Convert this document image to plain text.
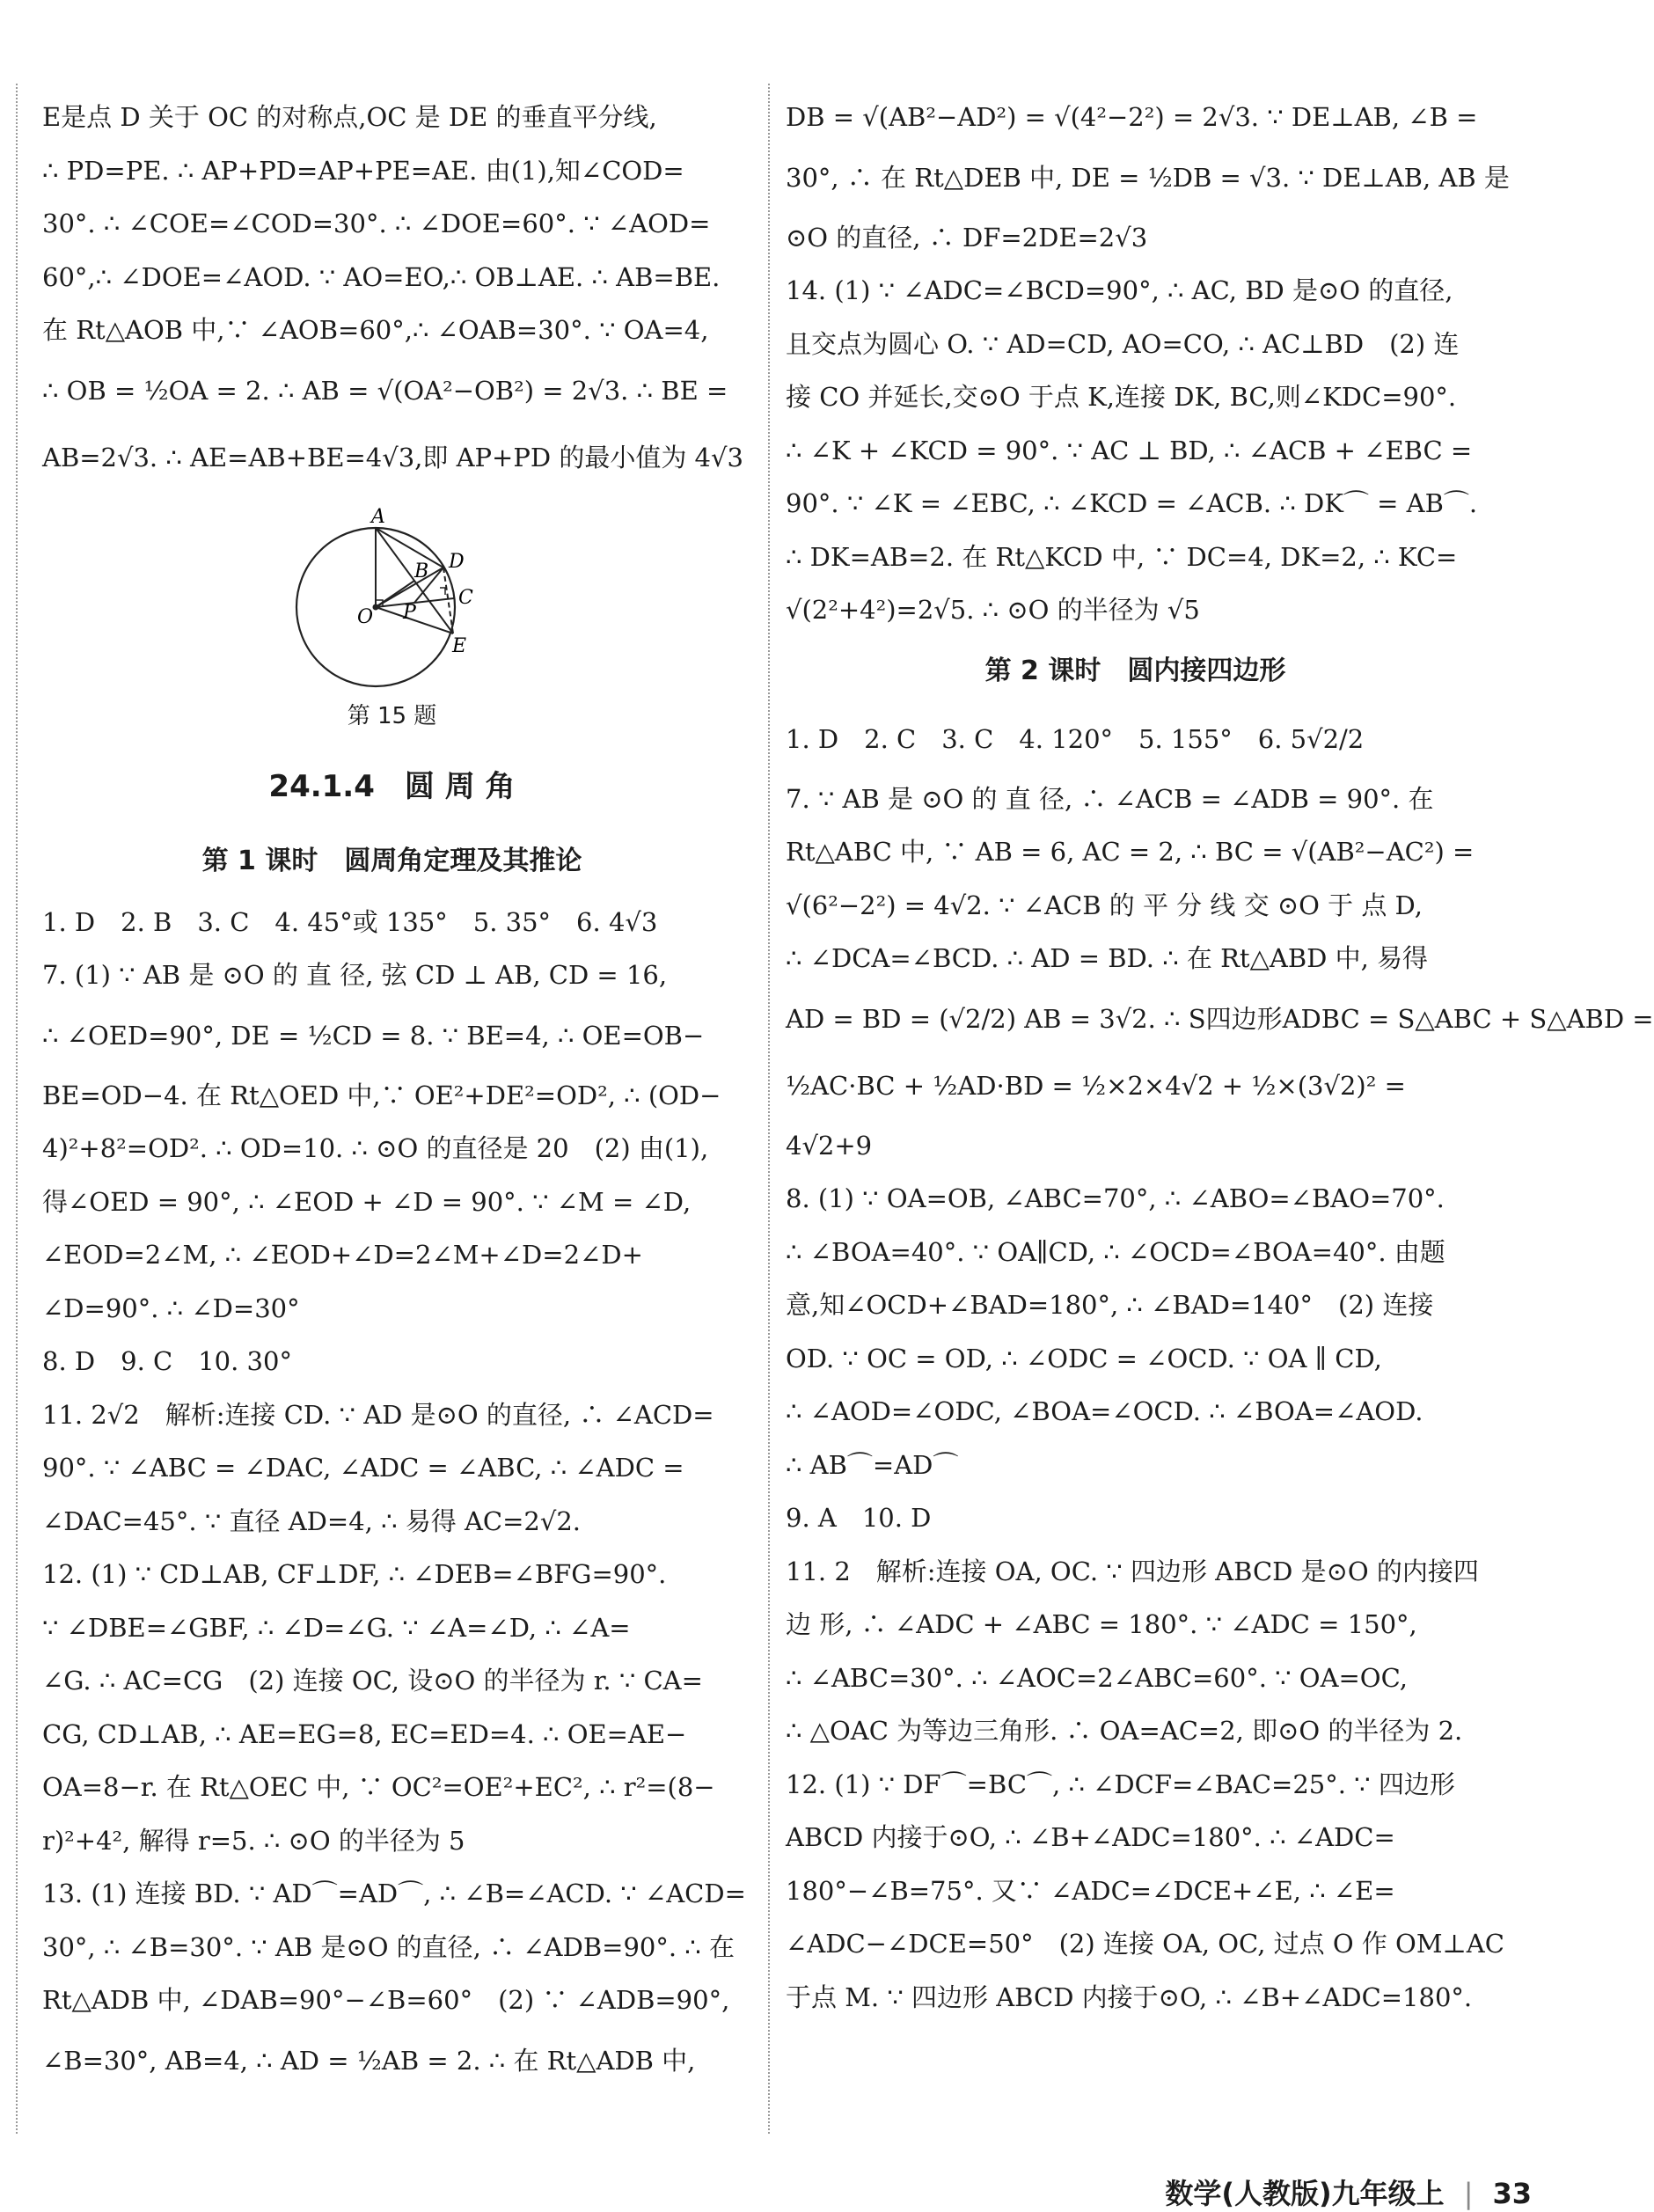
E是点 D 关于 OC 的对称点,OC 是 DE 的垂直平分线,
∴ PD=PE. ∴ AP+PD=AP+PE=AE. 由(1),知∠COD=
30°. ∴ ∠COE=∠COD=30°. ∴ ∠DOE=60°. ∵ ∠AOD=
60°,∴ ∠DOE=∠AOD. ∵ AO=EO,∴ OB⊥AE. ∴ AB=BE.
在 Rt△AOB 中,∵ ∠AOB=60°,∴ ∠OAB=30°. ∵ OA=4,
∴ OB = ½OA = 2. ∴ AB = √(OA²−OB²) = 2√3. ∴ BE =
AB=2√3. ∴ AE=AB+BE=4√3,即 AP+PD 的最小值为 4√3
A
B D
C
O P
E
第 15 题
24.1.4　圆 周 角
第 1 课时　圆周角定理及其推论
1. D　2. B　3. C　4. 45°或 135°　5. 35°　6. 4√3
7. (1) ∵ AB 是 ⊙O 的 直 径, 弦 CD ⊥ AB, CD = 16,
∴ ∠OED=90°, DE = ½CD = 8. ∵ BE=4, ∴ OE=OB−
BE=OD−4. 在 Rt△OED 中,∵ OE²+DE²=OD², ∴ (OD−
4)²+8²=OD². ∴ OD=10. ∴ ⊙O 的直径是 20　(2) 由(1),
得∠OED = 90°, ∴ ∠EOD + ∠D = 90°. ∵ ∠M = ∠D,
∠EOD=2∠M, ∴ ∠EOD+∠D=2∠M+∠D=2∠D+
∠D=90°. ∴ ∠D=30°
8. D　9. C　10. 30°
11. 2√2　解析:连接 CD. ∵ AD 是⊙O 的直径, ∴ ∠ACD=
90°. ∵ ∠ABC = ∠DAC, ∠ADC = ∠ABC, ∴ ∠ADC =
∠DAC=45°. ∵ 直径 AD=4, ∴ 易得 AC=2√2.
12. (1) ∵ CD⊥AB, CF⊥DF, ∴ ∠DEB=∠BFG=90°.
∵ ∠DBE=∠GBF, ∴ ∠D=∠G. ∵ ∠A=∠D, ∴ ∠A=
∠G. ∴ AC=CG　(2) 连接 OC, 设⊙O 的半径为 r. ∵ CA=
CG, CD⊥AB, ∴ AE=EG=8, EC=ED=4. ∴ OE=AE−
OA=8−r. 在 Rt△OEC 中, ∵ OC²=OE²+EC², ∴ r²=(8−
r)²+4², 解得 r=5. ∴ ⊙O 的半径为 5
13. (1) 连接 BD. ∵ AD⌒=AD⌒, ∴ ∠B=∠ACD. ∵ ∠ACD=
30°, ∴ ∠B=30°. ∵ AB 是⊙O 的直径, ∴ ∠ADB=90°. ∴ 在
Rt△ADB 中, ∠DAB=90°−∠B=60°　(2) ∵ ∠ADB=90°,
∠B=30°, AB=4, ∴ AD = ½AB = 2. ∴ 在 Rt△ADB 中,
DB = √(AB²−AD²) = √(4²−2²) = 2√3. ∵ DE⊥AB, ∠B =
30°, ∴ 在 Rt△DEB 中, DE = ½DB = √3. ∵ DE⊥AB, AB 是
⊙O 的直径, ∴ DF=2DE=2√3
14. (1) ∵ ∠ADC=∠BCD=90°, ∴ AC, BD 是⊙O 的直径,
且交点为圆心 O. ∵ AD=CD, AO=CO, ∴ AC⊥BD　(2) 连
接 CO 并延长,交⊙O 于点 K,连接 DK, BC,则∠KDC=90°.
∴ ∠K + ∠KCD = 90°. ∵ AC ⊥ BD, ∴ ∠ACB + ∠EBC =
90°. ∵ ∠K = ∠EBC, ∴ ∠KCD = ∠ACB. ∴ DK⌒ = AB⌒.
∴ DK=AB=2. 在 Rt△KCD 中, ∵ DC=4, DK=2, ∴ KC=
√(2²+4²)=2√5. ∴ ⊙O 的半径为 √5
第 2 课时　圆内接四边形
1. D　2. C　3. C　4. 120°　5. 155°　6. 5√2/2
7. ∵ AB 是 ⊙O 的 直 径, ∴ ∠ACB = ∠ADB = 90°. 在
Rt△ABC 中, ∵ AB = 6, AC = 2, ∴ BC = √(AB²−AC²) =
√(6²−2²) = 4√2. ∵ ∠ACB 的 平 分 线 交 ⊙O 于 点 D,
∴ ∠DCA=∠BCD. ∴ AD = BD. ∴ 在 Rt△ABD 中, 易得
AD = BD = (√2/2) AB = 3√2. ∴ S四边形ADBC = S△ABC + S△ABD =
½AC·BC + ½AD·BD = ½×2×4√2 + ½×(3√2)² =
4√2+9
8. (1) ∵ OA=OB, ∠ABC=70°, ∴ ∠ABO=∠BAO=70°.
∴ ∠BOA=40°. ∵ OA∥CD, ∴ ∠OCD=∠BOA=40°. 由题
意,知∠OCD+∠BAD=180°, ∴ ∠BAD=140°　(2) 连接
OD. ∵ OC = OD, ∴ ∠ODC = ∠OCD. ∵ OA ∥ CD,
∴ ∠AOD=∠ODC, ∠BOA=∠OCD. ∴ ∠BOA=∠AOD.
∴ AB⌒=AD⌒
9. A　10. D
11. 2　解析:连接 OA, OC. ∵ 四边形 ABCD 是⊙O 的内接四
边 形, ∴ ∠ADC + ∠ABC = 180°. ∵ ∠ADC = 150°,
∴ ∠ABC=30°. ∴ ∠AOC=2∠ABC=60°. ∵ OA=OC,
∴ △OAC 为等边三角形. ∴ OA=AC=2, 即⊙O 的半径为 2.
12. (1) ∵ DF⌒=BC⌒, ∴ ∠DCF=∠BAC=25°. ∵ 四边形
ABCD 内接于⊙O, ∴ ∠B+∠ADC=180°. ∴ ∠ADC=
180°−∠B=75°. 又∵ ∠ADC=∠DCE+∠E, ∴ ∠E=
∠ADC−∠DCE=50°　(2) 连接 OA, OC, 过点 O 作 OM⊥AC
于点 M. ∵ 四边形 ABCD 内接于⊙O, ∴ ∠B+∠ADC=180°.
数学(人教版)九年级上 | 33
